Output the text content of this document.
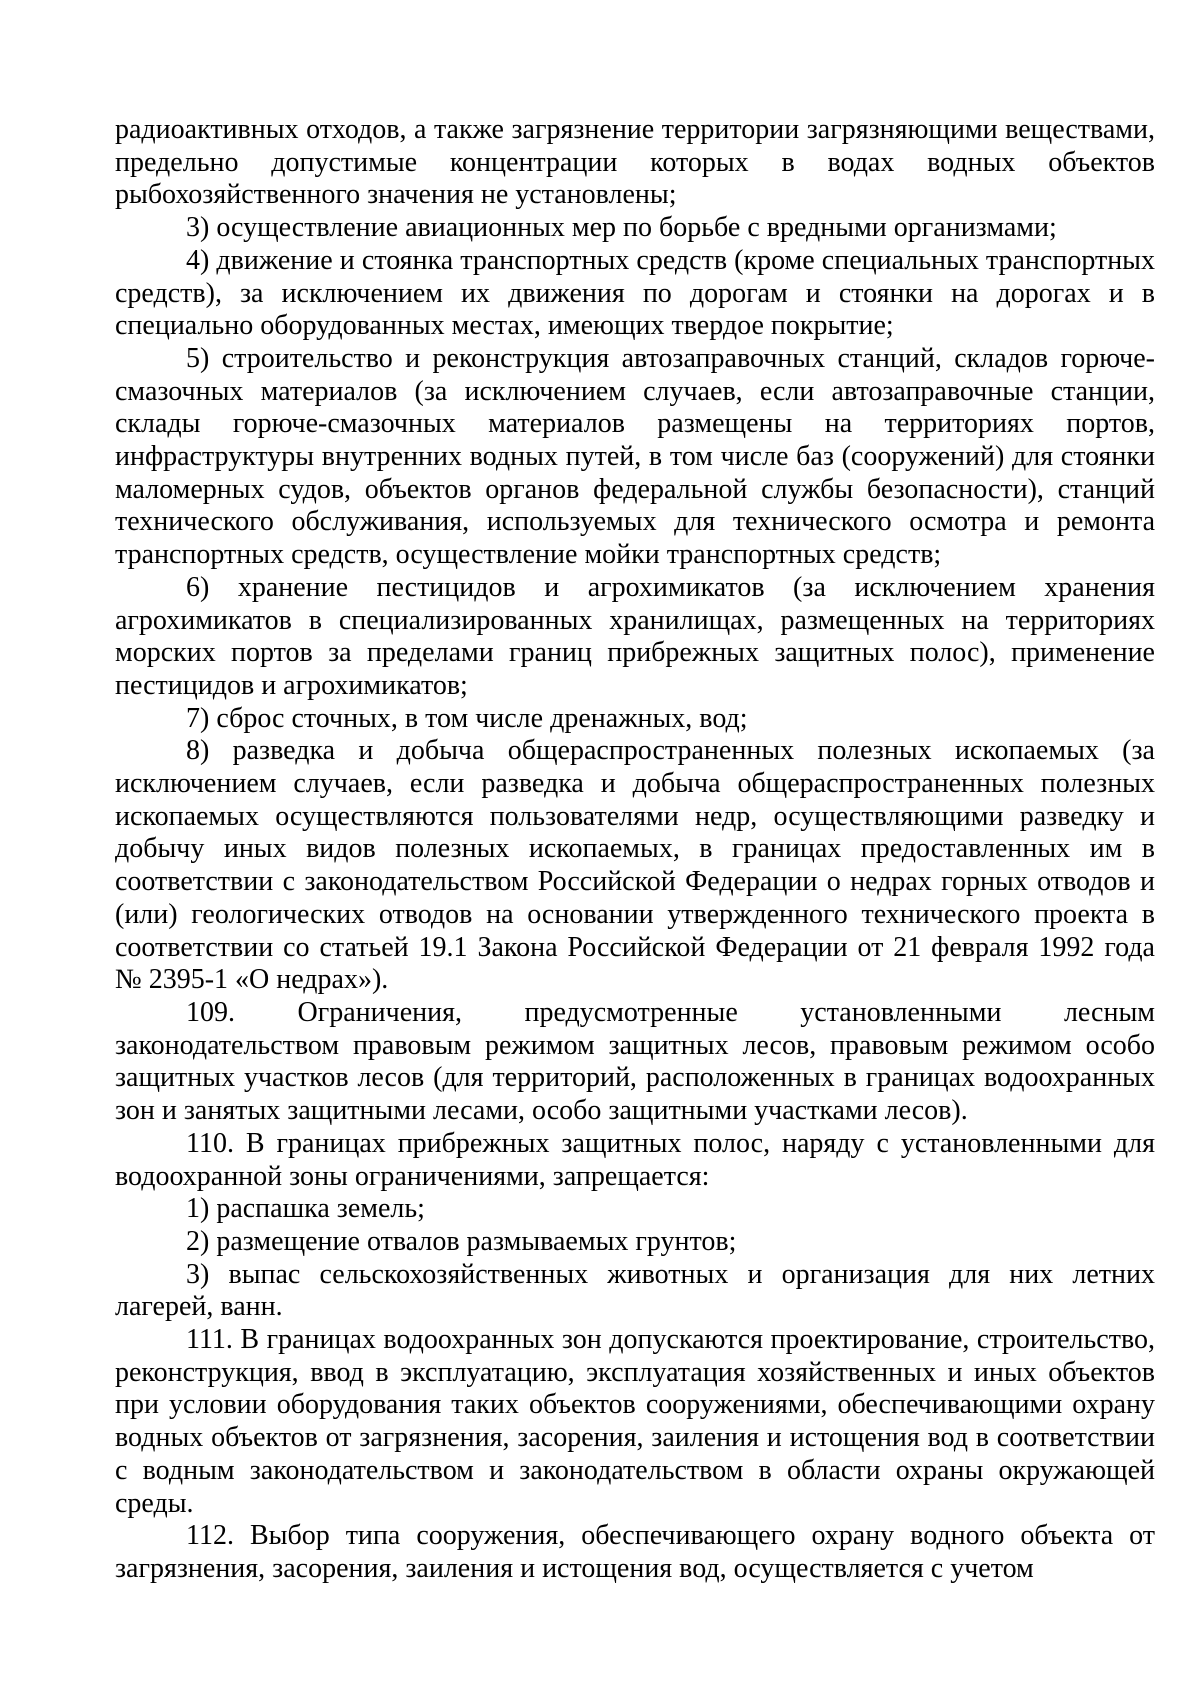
радиоактивных отходов, а также загрязнение территории загрязняющими веществами, предельно допустимые концентрации которых в водах водных объектов рыбохозяйственного значения не установлены;

3) осуществление авиационных мер по борьбе с вредными организмами;

4) движение и стоянка транспортных средств (кроме специальных транспортных средств), за исключением их движения по дорогам и стоянки на дорогах и в специально оборудованных местах, имеющих твердое покрытие;

5) строительство и реконструкция автозаправочных станций, складов горюче-смазочных материалов (за исключением случаев, если автозаправочные станции, склады горюче-смазочных материалов размещены на территориях портов, инфраструктуры внутренних водных путей, в том числе баз (сооружений) для стоянки маломерных судов, объектов органов федеральной службы безопасности), станций технического обслуживания, используемых для технического осмотра и ремонта транспортных средств, осуществление мойки транспортных средств;

6) хранение пестицидов и агрохимикатов (за исключением хранения агрохимикатов в специализированных хранилищах, размещенных на территориях морских портов за пределами границ прибрежных защитных полос), применение пестицидов и агрохимикатов;

7) сброс сточных, в том числе дренажных, вод;

8) разведка и добыча общераспространенных полезных ископаемых (за исключением случаев, если разведка и добыча общераспространенных полезных ископаемых осуществляются пользователями недр, осуществляющими разведку и добычу иных видов полезных ископаемых, в границах предоставленных им в соответствии с законодательством Российской Федерации о недрах горных отводов и (или) геологических отводов на основании утвержденного технического проекта в соответствии со статьей 19.1 Закона Российской Федерации от 21 февраля 1992 года № 2395-1 «О недрах»).

109. Ограничения, предусмотренные установленными лесным законодательством правовым режимом защитных лесов, правовым режимом особо защитных участков лесов (для территорий, расположенных в границах водоохранных зон и занятых защитными лесами, особо защитными участками лесов).

110. В границах прибрежных защитных полос, наряду с установленными для водоохранной зоны ограничениями, запрещается:

1) распашка земель;

2) размещение отвалов размываемых грунтов;

3) выпас сельскохозяйственных животных и организация для них летних лагерей, ванн.

111. В границах водоохранных зон допускаются проектирование, строительство, реконструкция, ввод в эксплуатацию, эксплуатация хозяйственных и иных объектов при условии оборудования таких объектов сооружениями, обеспечивающими охрану водных объектов от загрязнения, засорения, заиления и истощения вод в соответствии с водным законодательством и законодательством в области охраны окружающей среды.

112. Выбор типа сооружения, обеспечивающего охрану водного объекта от загрязнения, засорения, заиления и истощения вод, осуществляется с учетом
